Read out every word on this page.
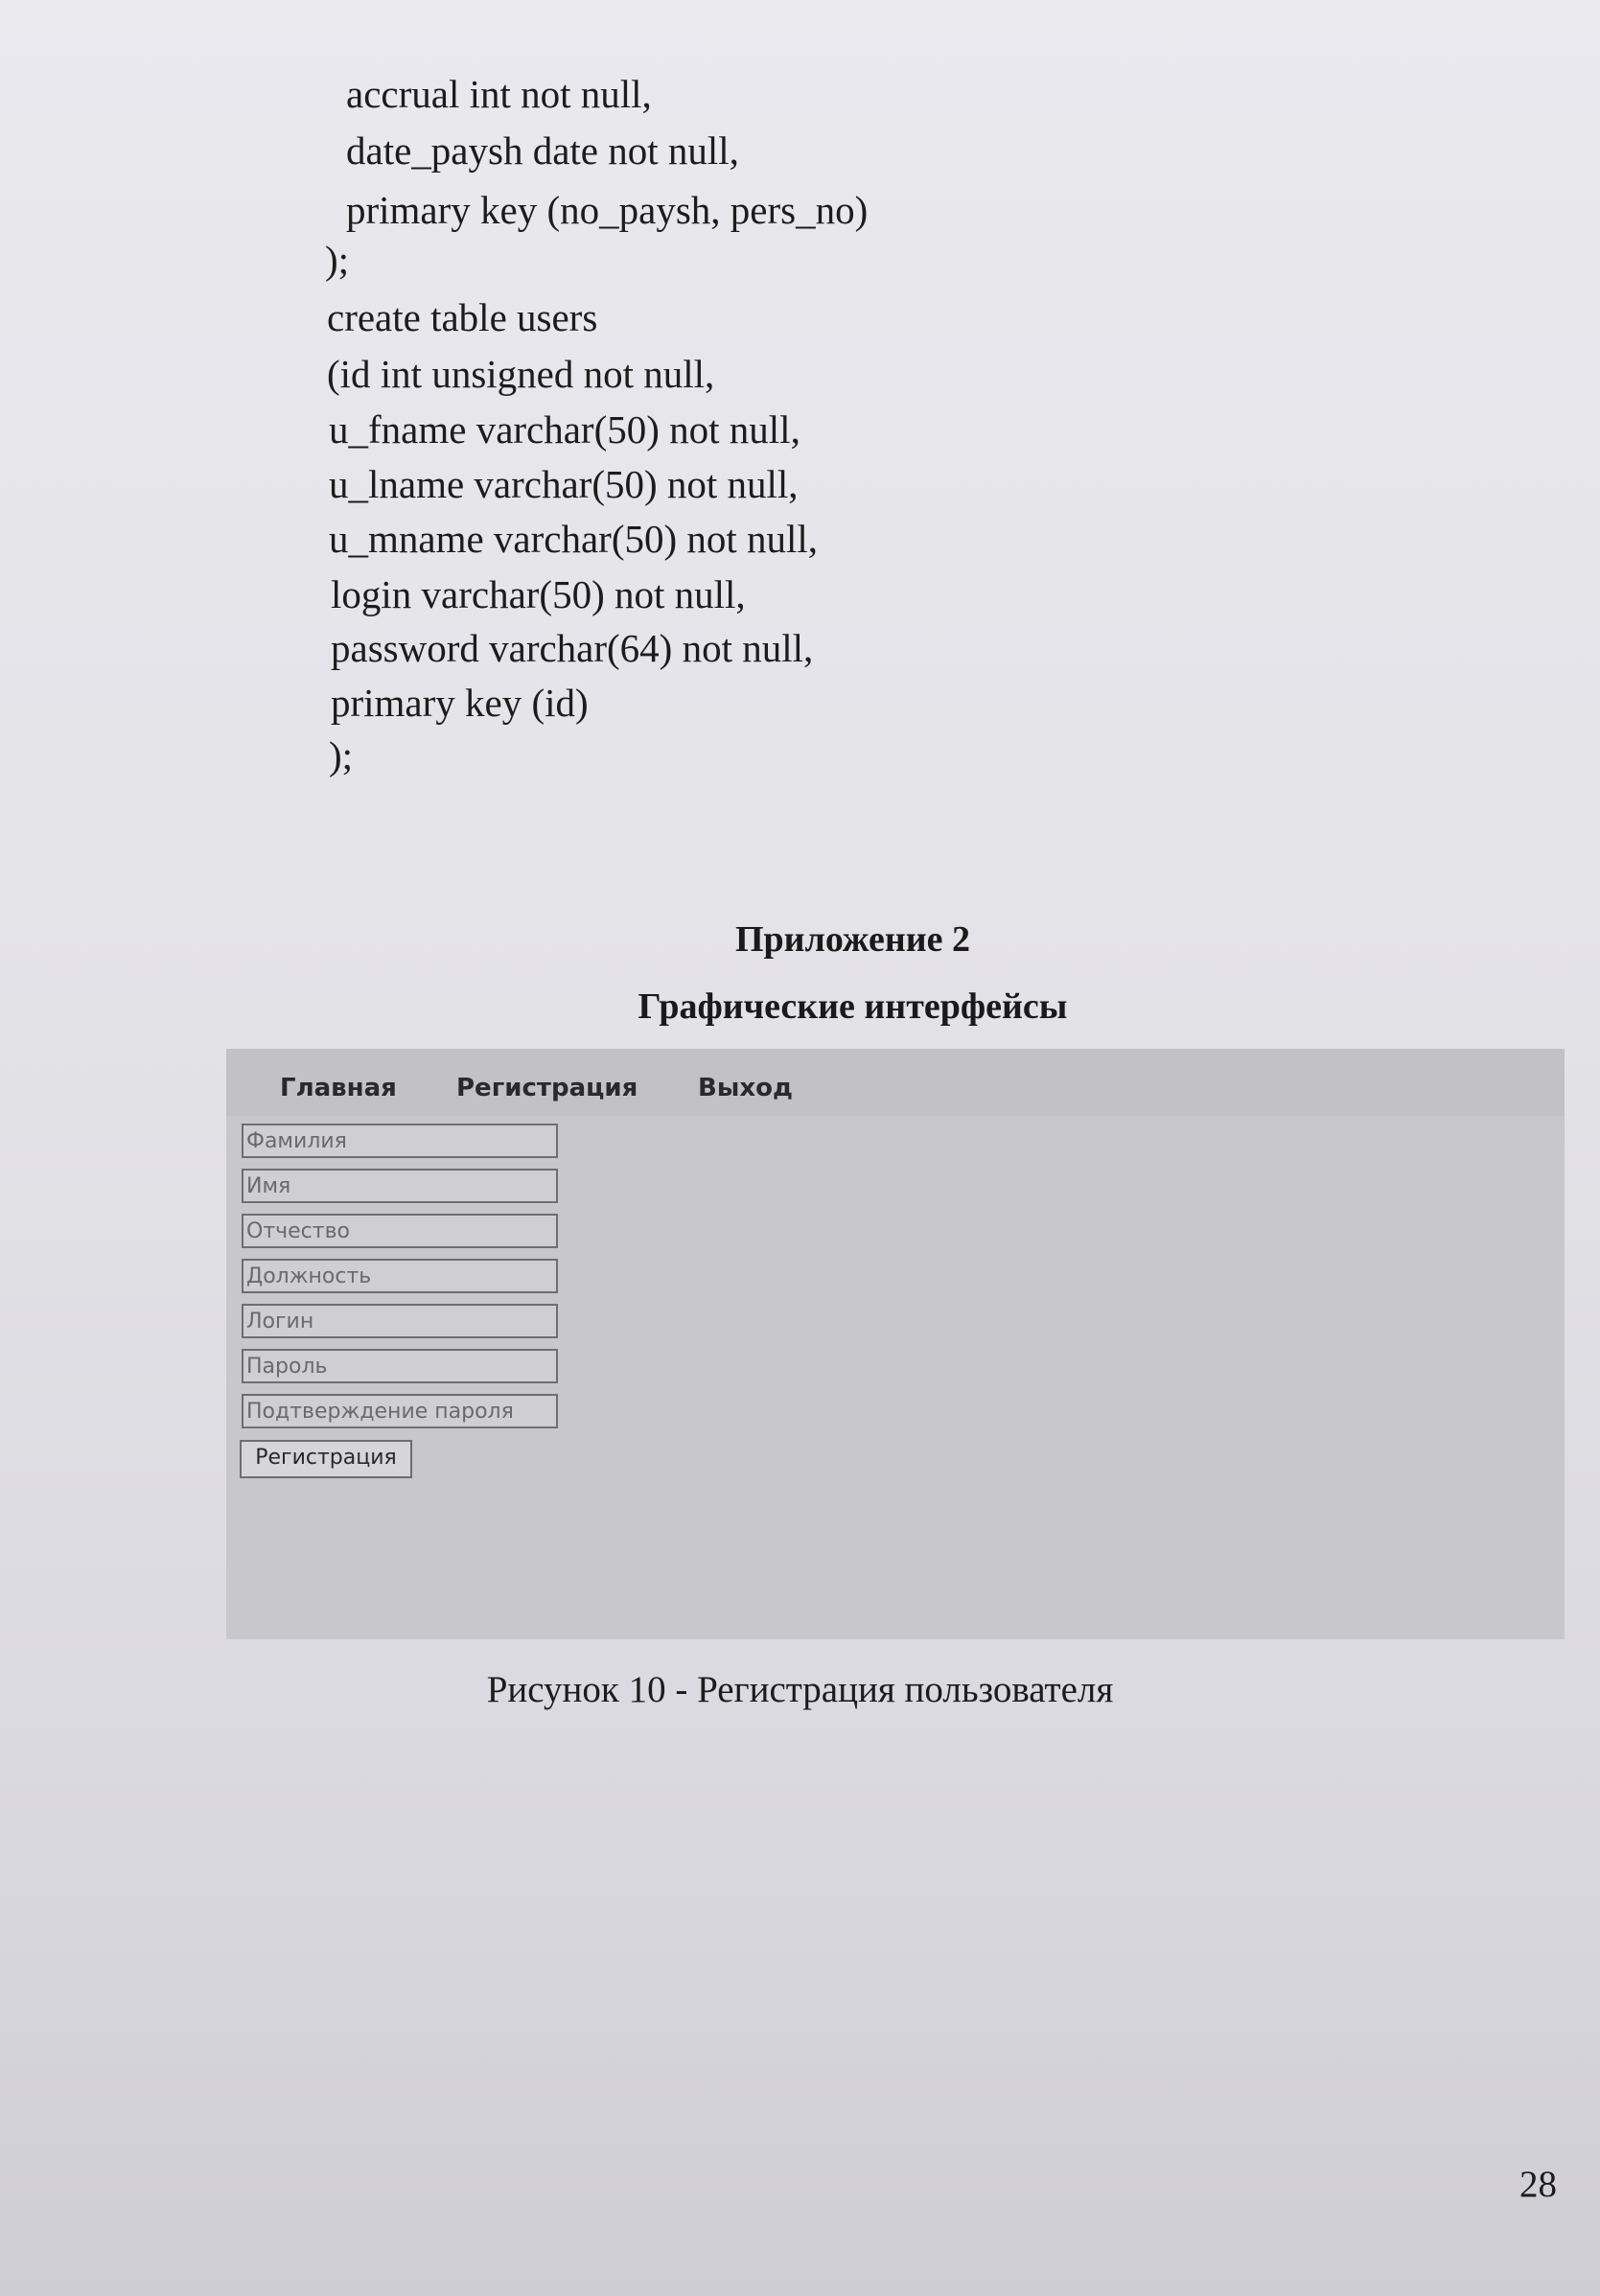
accrual int not null,
date_paysh date not null,
primary key (no_paysh, pers_no)
);
create table users
(id int unsigned not null,
u_fname varchar(50) not null,
u_lname varchar(50) not null,
u_mname varchar(50) not null,
login varchar(50) not null,
password varchar(64) not null,
primary key (id)
);
Приложение 2
Графические интерфейсы
Главная Регистрация Выход
Фамилия
Имя
Отчество
Должность
Логин
Пароль
Подтверждение пароля
Регистрация
Рисунок 10 - Регистрация пользователя
28
